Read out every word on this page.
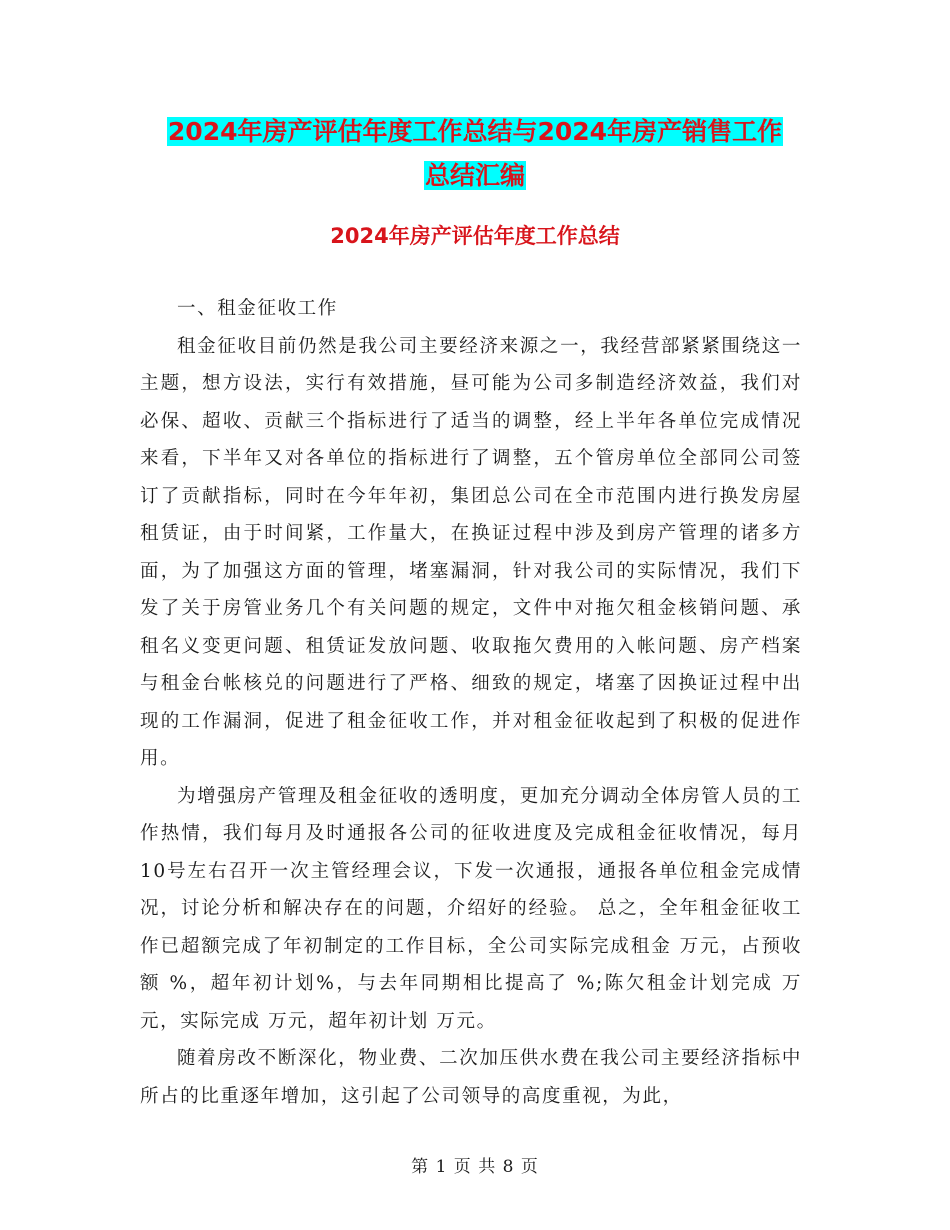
2024年房产评估年度工作总结与2024年房产销售工作
总结汇编
2024年房产评估年度工作总结

一、租金征收工作

租金征收目前仍然是我公司主要经济来源之一，我经营部紧紧围绕这一主题，想方设法，实行有效措施，昼可能为公司多制造经济效益，我们对必保、超收、贡献三个指标进行了适当的调整，经上半年各单位完成情况来看，下半年又对各单位的指标进行了调整，五个管房单位全部同公司签订了贡献指标，同时在今年年初，集团总公司在全市范围内进行换发房屋租赁证，由于时间紧，工作量大，在换证过程中涉及到房产管理的诸多方面，为了加强这方面的管理，堵塞漏洞，针对我公司的实际情况，我们下发了关于房管业务几个有关问题的规定，文件中对拖欠租金核销问题、承租名义变更问题、租赁证发放问题、收取拖欠费用的入帐问题、房产档案与租金台帐核兑的问题进行了严格、细致的规定，堵塞了因换证过程中出现的工作漏洞，促进了租金征收工作，并对租金征收起到了积极的促进作用。

为增强房产管理及租金征收的透明度，更加充分调动全体房管人员的工作热情，我们每月及时通报各公司的征收进度及完成租金征收情况，每月10号左右召开一次主管经理会议，下发一次通报，通报各单位租金完成情况，讨论分析和解决存在的问题，介绍好的经验。 总之，全年租金征收工作已超额完成了年初制定的工作目标，全公司实际完成租金 万元，占预收额 %，超年初计划%，与去年同期相比提高了 %;陈欠租金计划完成 万元，实际完成 万元，超年初计划 万元。

随着房改不断深化，物业费、二次加压供水费在我公司主要经济指标中所占的比重逐年增加，这引起了公司领导的高度重视，为此，

第 1 页 共 8 页
